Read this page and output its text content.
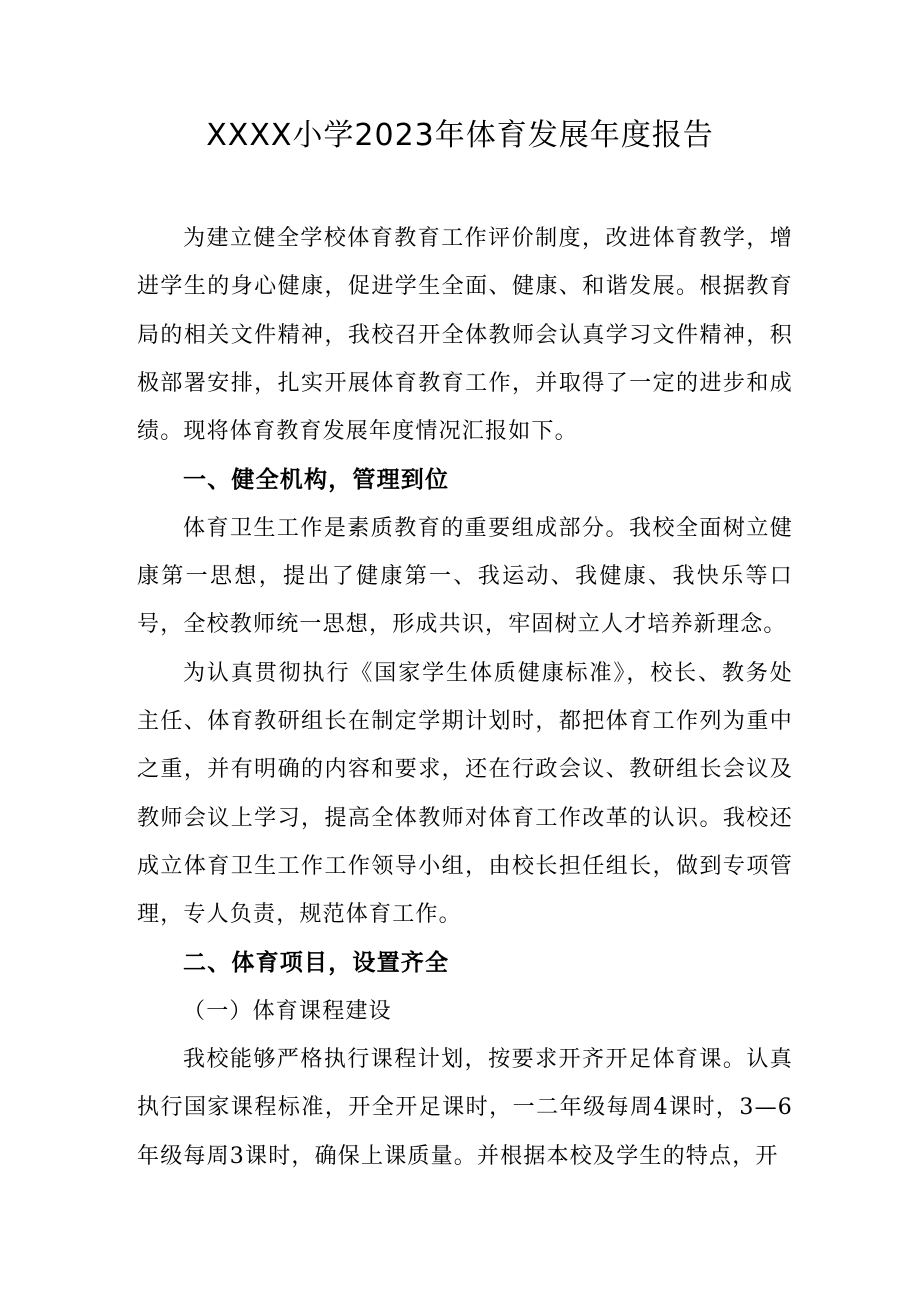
XXXX小学2023年体育发展年度报告

为建立健全学校体育教育工作评价制度，改进体育教学，增进学生的身心健康，促进学生全面、健康、和谐发展。根据教育局的相关文件精神，我校召开全体教师会认真学习文件精神，积极部署安排，扎实开展体育教育工作，并取得了一定的进步和成绩。现将体育教育发展年度情况汇报如下。

一、健全机构，管理到位

体育卫生工作是素质教育的重要组成部分。我校全面树立健康第一思想，提出了健康第一、我运动、我健康、我快乐等口号，全校教师统一思想，形成共识，牢固树立人才培养新理念。

为认真贯彻执行《国家学生体质健康标准》，校长、教务处主任、体育教研组长在制定学期计划时，都把体育工作列为重中之重，并有明确的内容和要求，还在行政会议、教研组长会议及教师会议上学习，提高全体教师对体育工作改革的认识。我校还成立体育卫生工作工作领导小组，由校长担任组长，做到专项管理，专人负责，规范体育工作。

二、体育项目，设置齐全

（一）体育课程建设

我校能够严格执行课程计划，按要求开齐开足体育课。认真执行国家课程标准，开全开足课时，一二年级每周4课时，3—6年级每周3课时，确保上课质量。并根据本校及学生的特点，开
